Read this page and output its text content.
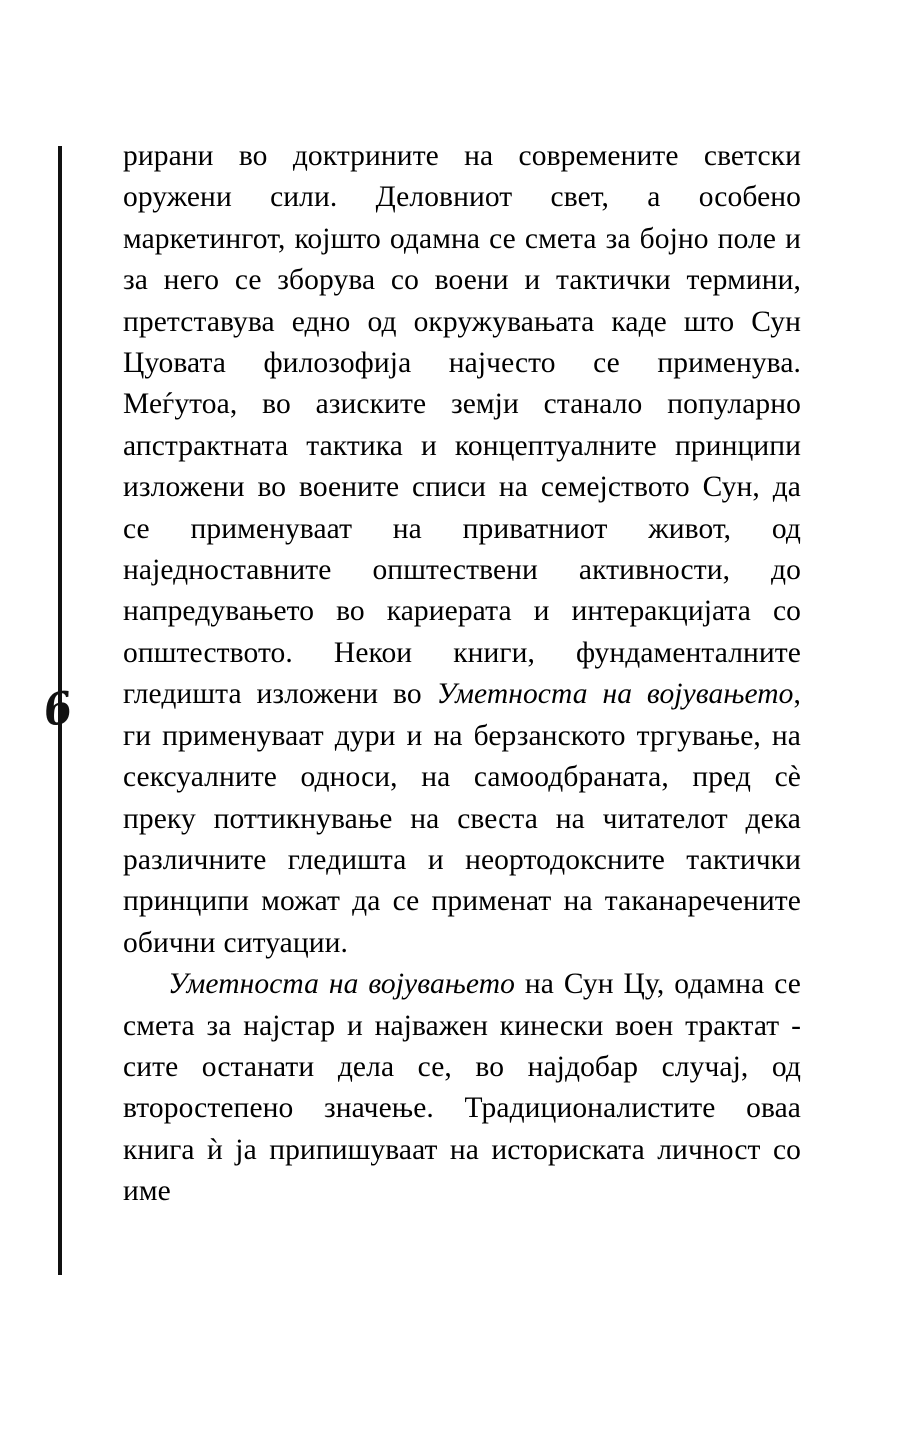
6

рирани во доктрините на современите светски оружени сили. Деловниот свет, а особено маркетингот, којшто одамна се смета за бојно поле и за него се зборува со воени и тактички термини, претставува едно од окружувањата каде што Сун Цуовата филозофија најчесто се применува. Меѓутоа, во азиските земји станало популарно апстрактната тактика и концептуалните принципи изложени во воените списи на семејството Сун, да се применуваат на приватниот живот, од наједноставните општествени активности, до напредувањето во кариерата и интеракцијата со општеството. Некои книги, фундаменталните гледишта изложени во Уметноста на војувањето, ги применуваат дури и на берзанското тргување, на сексуалните односи, на самоодбраната, пред сѐ преку поттикнување на свеста на читателот дека различните гледишта и неортодоксните тактички принципи можат да се применат на таканаречените обични ситуации.

Уметноста на војувањето на Сун Цу, одамна се смета за најстар и најважен кинески воен трактат - сите останати дела се, во најдобар случај, од второстепено значење. Традиционалистите оваа книга ѝ ја припишуваат на историската личност со име
